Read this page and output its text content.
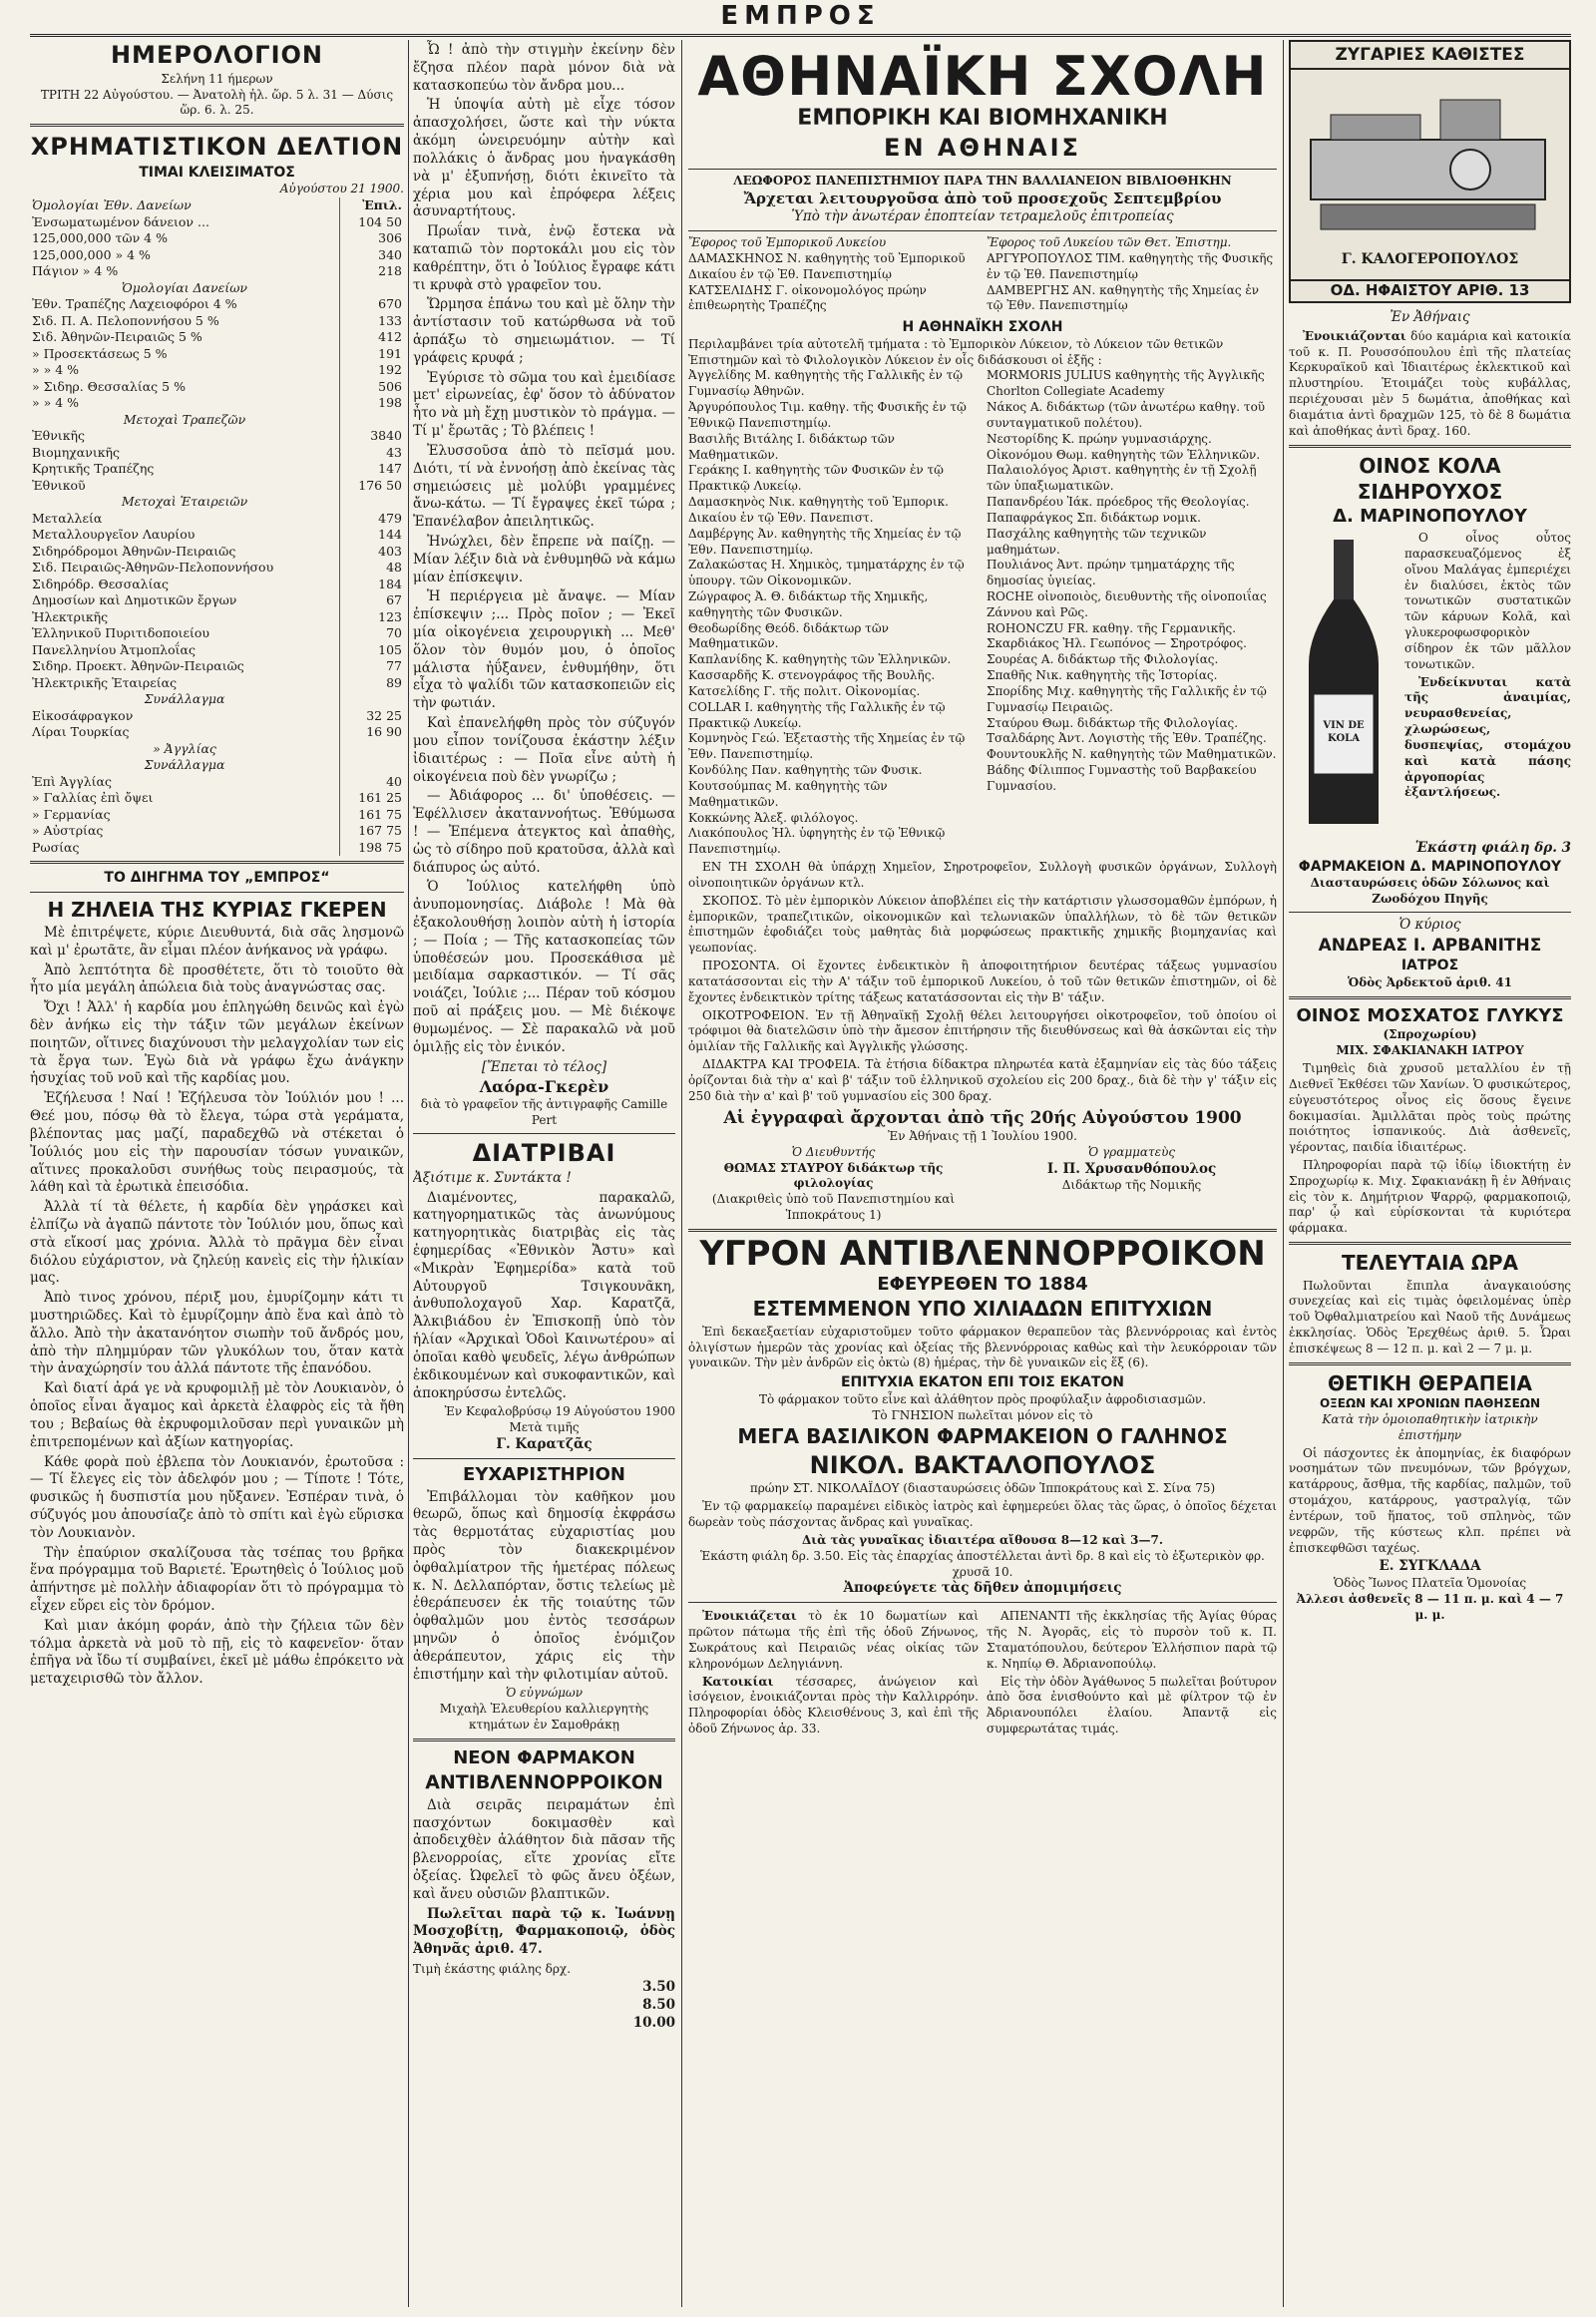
ΕΜΠΡΟΣ
ΗΜΕΡΟΛΟΓΙΟΝ
Σελήνη 11 ήμερων
ΤΡΙΤΗ 22 Αὐγούστου. — Ἀνατολὴ ἡλ. ὥρ. 5 λ. 31 — Δύσις ὥρ. 6. λ. 25.
ΧΡΗΜΑΤΙΣΤΙΚΟΝ ΔΕΛΤΙΟΝ
ΤΙΜΑΙ ΚΛΕΙΣΙΜΑΤΟΣ
Αὐγούστου 21 1900.
Ὁμολογίαι Ἐθν. Δανείων	Ἐπιλ.
Ἐνσωματωμένον δάνειον ...	104 50
125,000,000 τῶν 4 %	306
125,000,000 » 4 %	340
Πάγιον » 4 %	218
Ὁμολογίαι Δανείων	
Ἐθν. Τραπέζης Λαχειοφόροι 4 %	670
Σιδ. Π. Α. Πελοποννήσου 5 %	133
Σιδ. Ἀθηνῶν-Πειραιῶς 5 %	412
» Προσεκτάσεως 5 %	191
» » 4 %	192
» Σιδηρ. Θεσσαλίας 5 %	506
» » 4 %	198
Μετοχαὶ Τραπεζῶν	
Ἐθνικῆς	3840
Βιομηχανικῆς	43
Κρητικῆς Τραπέζης	147
Ἐθνικοῦ	176 50
Μετοχαὶ Ἑταιρειῶν	
Μεταλλεία	479
Μεταλλουργεῖον Λαυρίου	144
Σιδηρόδρομοι Ἀθηνῶν-Πειραιῶς	403
Σιδ. Πειραιῶς-Ἀθηνῶν-Πελοποννήσου	48
Σιδηρόδρ. Θεσσαλίας	184
Δημοσίων καὶ Δημοτικῶν ἔργων	67
Ἠλεκτρικῆς	123
Ἑλληνικοῦ Πυριτιδοποιείου	70
Πανελληνίου Ἀτμοπλοΐας	105
Σιδηρ. Προεκτ. Ἀθηνῶν-Πειραιῶς	77
Ἠλεκτρικῆς Ἑταιρείας	89
Συνάλλαγμα	
Εἰκοσάφραγκον	32 25
Λίραι Τουρκίας	16 90
» Ἀγγλίας	
Συνάλλαγμα	
Ἐπὶ Ἀγγλίας	40
» Γαλλίας ἐπὶ ὄψει	161 25
» Γερμανίας	161 75
» Αὐστρίας	167 75
Ρωσίας	198 75
ΤΟ ΔΙΗΓΗΜΑ ΤΟΥ „ΕΜΠΡΟΣ“
Η ΖΗΛΕΙΑ ΤΗΣ ΚΥΡΙΑΣ ΓΚΕΡΕΝ

Μὲ ἐπιτρέψετε, κύριε Διευθυντά, διὰ σᾶς λησμονῶ καὶ μ' ἐρωτᾶτε, ἂν εἶμαι πλέον ἀνήκανος νὰ γράφω.

Ἀπὸ λεπτότητα δὲ προσθέτετε, ὅτι τὸ τοιοῦτο θὰ ἦτο μία μεγάλη ἀπώλεια διὰ τοὺς ἀναγνώστας σας.

Ὄχι ! Ἀλλ' ἡ καρδία μου ἐπληγώθη δεινῶς καὶ ἐγὼ δὲν ἀνήκω εἰς τὴν τάξιν τῶν μεγάλων ἐκείνων ποιητῶν, οἵτινες διαχύνουσι τὴν μελαγχολίαν των εἰς τὰ ἔργα των. Ἐγὼ διὰ νὰ γράφω ἔχω ἀνάγκην ἡσυχίας τοῦ νοῦ καὶ τῆς καρδίας μου.

Ἐζήλευσα ! Ναί ! Ἐζήλευσα τὸν Ἰούλιόν μου ! ... Θεέ μου, πόσῳ θὰ τὸ ἔλεγα, τώρα στὰ γεράματα, βλέποντας μας μαζί, παραδεχθῶ νὰ στέκεται ὁ Ἰούλιός μου εἰς τὴν παρουσίαν τόσων γυναικῶν, αἵτινες προκαλοῦσι συνήθως τοὺς πειρασμούς, τὰ λάθη καὶ τὰ ἐρωτικὰ ἐπεισόδια.

Ἀλλὰ τί τὰ θέλετε, ἡ καρδία δὲν γηράσκει καὶ ἐλπίζω νὰ ἀγαπῶ πάντοτε τὸν Ἰούλιόν μου, ὅπως καὶ στὰ εἴκοσί μας χρόνια. Ἀλλὰ τὸ πρᾶγμα δὲν εἶναι διόλου εὐχάριστον, νὰ ζηλεύῃ κανεὶς εἰς τὴν ἡλικίαν μας.

Ἀπὸ τινος χρόνου, πέριξ μου, ἐμυρίζομην κάτι τι μυστηριῶδες. Καὶ τὸ ἐμυρίζομην ἀπὸ ἕνα καὶ ἀπὸ τὸ ἄλλο. Ἀπὸ τὴν ἀκατανόητον σιωπὴν τοῦ ἄνδρός μου, ἀπὸ τὴν πλημμύραν τῶν γλυκόλων του, ὅταν κατὰ τὴν ἀναχώρησίν του ἀλλά πάντοτε τῆς ἐπανόδου.

Καὶ διατί ἀρά γε νὰ κρυφομιλῇ μὲ τὸν Λουκιανὸν, ὁ ὁποῖος εἶναι ἄγαμος καὶ ἀρκετὰ ἐλαφρὸς εἰς τὰ ἤθη του ; Βεβαίως θὰ ἐκρυφομιλοῦσαν περὶ γυναικῶν μὴ ἐπιτρεπομένων καὶ ἀξίων κατηγορίας.

Κάθε φορὰ ποὺ ἐβλεπα τὸν Λουκιανόν, ἐρωτοῦσα : — Τί ἔλεγες εἰς τὸν ἀδελφόν μου ; — Τίποτε ! Τότε, φυσικῶς ἡ δυσπιστία μου ηὔξανεν. Ἐσπέραν τινὰ, ὁ σύζυγός μου ἀπουσίαζε ἀπὸ τὸ σπίτι καὶ ἐγὼ εὕρισκα τὸν Λουκιανὸν.

Τὴν ἐπαύριον σκαλίζουσα τὰς τσέπας του βρῆκα ἕνα πρόγραμμα τοῦ Βαριετέ. Ἐρωτηθεὶς ὁ Ἰούλιος μοῦ ἀπήντησε μὲ πολλὴν ἀδιαφορίαν ὅτι τὸ πρόγραμμα τὸ εἶχεν εὕρει εἰς τὸν δρόμον.

Καὶ μιαν ἀκόμη φοράν, ἀπὸ τὴν ζήλεια τῶν δὲν τόλμα ἀρκετὰ νὰ μοῦ τὸ πῇ, εἰς τὸ καφενεῖον· ὅταν ἐπῆγα νὰ ἴδω τί συμβαίνει, ἐκεῖ μὲ μάθω ἐπρόκειτο νὰ μεταχειρισθῶ τὸν ἄλλον.

Ὦ ! ἀπὸ τὴν στιγμὴν ἐκείνην δὲν ἔζησα πλέον παρὰ μόνον διὰ νὰ κατασκοπεύω τὸν ἄνδρα μου...

Ἡ ὑποψία αὐτὴ μὲ εἶχε τόσον ἀπασχολήσει, ὥστε καὶ τὴν νύκτα ἀκόμη ὡνειρευόμην αὐτὴν καὶ πολλάκις ὁ ἄνδρας μου ἠναγκάσθη νὰ μ' ἐξυπνήσῃ, διότι ἐκινεῖτο τὰ χέρια μου καὶ ἐπρόφερα λέξεις ἀσυναρτήτους.

Πρωΐαν τινὰ, ἐνῷ ἔστεκα νὰ καταπιῶ τὸν πορτοκάλι μου εἰς τὸν καθρέπτην, ὅτι ὁ Ἰούλιος ἔγραφε κάτι τι κρυφὰ στὸ γραφεῖον του.

Ὥρμησα ἐπάνω του καὶ μὲ ὅλην τὴν ἀντίστασιν τοῦ κατώρθωσα νὰ τοῦ ἁρπάξω τὸ σημειωμάτιον. — Τί γράφεις κρυφά ;

Ἐγύρισε τὸ σῶμα του καὶ ἐμειδίασε μετ' εἰρωνείας, ἐφ' ὅσον τὸ ἀδύνατον ἦτο νὰ μὴ ἔχῃ μυστικὸν τὸ πράγμα. — Τί μ' ἔρωτᾶς ; Τὸ βλέπεις !

Ἐλυσσοῦσα ἀπὸ τὸ πεῖσμά μου. Διότι, τί νὰ ἐννοήσῃ ἀπὸ ἐκείνας τὰς σημειώσεις μὲ μολύβι γραμμένες ἄνω-κάτω. — Τί ἔγραψες ἐκεῖ τώρα ; Ἐπανέλαβον ἀπειλητικῶς.

Ἠνώχλει, δὲν ἔπρεπε νὰ παίζῃ. — Μίαν λέξιν διὰ νὰ ἐνθυμηθῶ νὰ κάμω μίαν ἐπίσκεψιν.

Ἡ περιέργεια μὲ ἄναψε. — Μίαν ἐπίσκεψιν ;... Πρὸς ποῖον ; — Ἐκεῖ μία οἰκογένεια χειρουργικὴ ... Μεθ' ὅλον τὸν θυμόν μου, ὁ ὁποῖος μάλιστα ἠΰξανεν, ἐνθυμήθην, ὅτι εἶχα τὸ ψαλίδι τῶν κατασκοπειῶν εἰς τὴν φωτιάν.

Καὶ ἐπανελήφθη πρὸς τὸν σύζυγόν μου εἶπον τονίζουσα ἑκάστην λέξιν ἰδιαιτέρως : — Ποῖα εἶνε αὐτὴ ἡ οἰκογένεια ποὺ δὲν γνωρίζω ;

— Ἀδιάφορος ... δι' ὑποθέσεις. — Ἐφέλλισεν ἀκαταννοήτως. Ἐθύμωσα ! — Ἐπέμενα ἀτεγκτος καὶ ἀπαθὴς, ὡς τὸ σίδηρο ποῦ κρατοῦσα, ἀλλὰ καὶ διάπυρος ὡς αὐτό.

Ὁ Ἰούλιος κατελήφθη ὑπὸ ἀνυπομονησίας. Διάβολε ! Μὰ θὰ ἐξακολουθήσῃ λοιπὸν αὐτὴ ἡ ἱστορία ; — Ποία ; — Τῆς κατασκοπείας τῶν ὑποθέσεών μου. Προσεκάθισα μὲ μειδίαμα σαρκαστικόν. — Τί σᾶς νοιάζει, Ἰούλιε ;... Πέραν τοῦ κόσμου ποῦ αἱ πράξεις μου. — Μὲ διέκοψε θυμωμένος. — Σὲ παρακαλῶ νὰ μοῦ ὁμιλῇς εἰς τὸν ἑνικόν.

[Ἔπεται τὸ τέλος]
Λαόρα-Γκερὲν
διὰ τὸ γραφεῖον τῆς ἀντιγραφῆς Camille Pert
ΔΙΑΤΡΙΒΑΙ
Ἀξιότιμε κ. Συντάκτα !

Διαμένοντες, παρακαλῶ, κατηγορηματικῶς τὰς ἀνωνύμους κατηγορητικὰς διατριβὰς εἰς τὰς ἐφημερίδας «Ἐθνικὸν Ἄστυ» καὶ «Μικρὰν Ἐφημερίδα» κατὰ τοῦ Αὐτουργοῦ Τσιγκουνᾶκη, ἀνθυπολοχαγοῦ Χαρ. Καρατζᾶ, Ἀλκιβιάδου ἐν Ἐπισκοπῇ ὑπὸ τὸν ἡλίαν «Ἀρχικαὶ Ὁδοὶ Καινωτέρου» αἱ ὁποῖαι καθὸ ψευδεῖς, λέγω ἀνθρώπων ἐκδικουμένων καὶ συκοφαντικῶν, καὶ ἀποκηρύσσω ἐντελῶς.

Ἐν Κεφαλοβρύσῳ 19 Αὐγούστου 1900
Μετὰ τιμῆς
Γ. Καρατζᾶς
ΕΥΧΑΡΙΣΤΗΡΙΟΝ

Ἐπιβάλλομαι τὸν καθῆκον μου θεωρῶ, ὅπως καὶ δημοσίᾳ ἐκφράσω τὰς θερμοτάτας εὐχαριστίας μου πρὸς τὸν διακεκριμένον ὀφθαλμίατρον τῆς ἡμετέρας πόλεως κ. Ν. Δελλαπόρταν, ὅστις τελείως μὲ ἐθεράπευσεν ἐκ τῆς τοιαύτης τῶν ὀφθαλμῶν μου ἐντὸς τεσσάρων μηνῶν ὁ ὁποῖος ἐνόμιζον ἀθεράπευτον, χάρις εἰς τὴν ἐπιστήμην καὶ τὴν φιλοτιμίαν αὐτοῦ.

Ὁ εὐγνώμων
Μιχαὴλ Ἐλευθερίου καλλιεργητὴς κτημάτων ἐν Σαμοθράκῃ
ΝΕΟΝ ΦΑΡΜΑΚΟΝ
ΑΝΤΙΒΛΕΝΝΟΡΡΟΙΚΟΝ

Διὰ σειρᾶς πειραμάτων ἐπὶ πασχόντων δοκιμασθὲν καὶ ἀποδειχθὲν ἀλάθητον διὰ πᾶσαν τῆς βλενορροίας, εἴτε χρονίας εἴτε ὀξείας. Ὠφελεῖ τὸ φῶς ἄνευ ὀξέων, καὶ ἄνευ οὐσιῶν βλαπτικῶν.

Πωλεῖται παρὰ τῷ κ. Ἰωάννῃ Μοσχοβίτῃ, Φαρμακοποιῷ, ὁδὸς Ἀθηνᾶς ἀριθ. 47.

Τιμὴ ἑκάστης φιάλης δρχ.
3.50
8.50
10.00
ΑΘΗΝΑΪΚΗ ΣΧΟΛΗ
ΕΜΠΟΡΙΚΗ ΚΑΙ ΒΙΟΜΗΧΑΝΙΚΗ
ΕΝ ΑΘΗΝΑΙΣ
ΛΕΩΦΟΡΟΣ ΠΑΝΕΠΙΣΤΗΜΙΟΥ ΠΑΡΑ ΤΗΝ ΒΑΛΛΙΑΝΕΙΟΝ ΒΙΒΛΙΟΘΗΚΗΝ
Ἄρχεται λειτουργοῦσα ἀπὸ τοῦ προσεχοῦς Σεπτεμβρίου
Ὑπὸ τὴν ἀνωτέραν ἐποπτείαν τετραμελοῦς ἐπιτροπείας
Ἔφορος τοῦ Ἐμπορικοῦ Λυκείου
ΔΑΜΑΣΚΗΝΟΣ Ν. καθηγητὴς τοῦ Ἐμπορικοῦ Δικαίου ἐν τῷ Ἐθ. Πανεπιστημίῳ
ΚΑΤΣΕΛΙΔΗΣ Γ. οἰκονομολόγος πρώην ἐπιθεωρητὴς Τραπέζης
Ἔφορος τοῦ Λυκείου τῶν Θετ. Ἐπιστημ.
ΑΡΓΥΡΟΠΟΥΛΟΣ ΤΙΜ. καθηγητὴς τῆς Φυσικῆς ἐν τῷ Ἐθ. Πανεπιστημίῳ
ΔΑΜΒΕΡΓΗΣ ΑΝ. καθηγητὴς τῆς Χημείας ἐν τῷ Ἐθν. Πανεπιστημίῳ
Η ΑΘΗΝΑΪΚΗ ΣΧΟΛΗ
Περιλαμβάνει τρία αὐτοτελῆ τμήματα : τὸ Ἐμπορικὸν Λύκειον, τὸ Λύκειον τῶν θετικῶν Ἐπιστημῶν καὶ τὸ Φιλολογικὸν Λύκειον ἐν οἷς διδάσκουσι οἱ ἑξῆς :
Ἀγγελίδης Μ. καθηγητὴς τῆς Γαλλικῆς ἐν τῷ Γυμνασίῳ Ἀθηνῶν.
Ἀργυρόπουλος Τιμ. καθηγ. τῆς Φυσικῆς ἐν τῷ Ἐθνικῷ Πανεπιστημίῳ.
Βασιλῆς Βιτάλης Ι. διδάκτωρ τῶν Μαθηματικῶν.
Γεράκης Ι. καθηγητὴς τῶν Φυσικῶν ἐν τῷ Πρακτικῷ Λυκείῳ.
Δαμασκηνὸς Νικ. καθηγητὴς τοῦ Ἐμπορικ. Δικαίου ἐν τῷ Ἐθν. Πανεπιστ.
Δαμβέργης Ἀν. καθηγητὴς τῆς Χημείας ἐν τῷ Ἐθν. Πανεπιστημίῳ.
Ζαλακώστας Η. Χημικὸς, τμηματάρχης ἐν τῷ ὑπουργ. τῶν Οἰκονομικῶν.
Ζώγραφος Ἀ. Θ. διδάκτωρ τῆς Χημικῆς, καθηγητὴς τῶν Φυσικῶν.
Θεοδωρίδης Θεόδ. διδάκτωρ τῶν Μαθηματικῶν.
Καπλανίδης Κ. καθηγητὴς τῶν Ἑλληνικῶν.
Κασσαρδῆς Κ. στενογράφος τῆς Βουλῆς.
Κατσελίδης Γ. τῆς πολιτ. Οἰκονομίας.
COLLAR I. καθηγητὴς τῆς Γαλλικῆς ἐν τῷ Πρακτικῷ Λυκείῳ.
Κομνηνὸς Γεώ. Ἐξεταστὴς τῆς Χημείας ἐν τῷ Ἐθν. Πανεπιστημίῳ.
Κονδύλης Παν. καθηγητὴς τῶν Φυσικ.
Κουτσούμπας Μ. καθηγητὴς τῶν Μαθηματικῶν.
Κοκκώνης Ἀλεξ. φιλόλογος.
Λιακόπουλος Ἠλ. ὑφηγητὴς ἐν τῷ Ἐθνικῷ Πανεπιστημίῳ.
MORMORIS JULIUS καθηγητὴς τῆς Ἀγγλικῆς Chorlton Collegiate Academy
Νάκος Α. διδάκτωρ (τῶν ἀνωτέρω καθηγ. τοῦ συνταγματικοῦ πολέτου).
Νεστορίδης Κ. πρώην γυμνασιάρχης.
Οἰκονόμου Θωμ. καθηγητὴς τῶν Ἑλληνικῶν.
Παλαιολόγος Ἀριστ. καθηγητὴς ἐν τῇ Σχολῇ τῶν ὑπαξιωματικῶν.
Παπανδρέου Ἰάκ. πρόεδρος τῆς Θεολογίας.
Παπαφράγκος Σπ. διδάκτωρ νομικ.
Πασχάλης καθηγητὴς τῶν τεχνικῶν μαθημάτων.
Πουλιάνος Ἀντ. πρώην τμηματάρχης τῆς δημοσίας ὑγιείας.
ROCHE οἰνοποιὸς, διευθυντὴς τῆς οἰνοποιΐας Ζάννου καὶ Ρῶς.
ROHONCZU FR. καθηγ. τῆς Γερμανικῆς.
Σκαρδιάκος Ἠλ. Γεωπόνος — Σηροτρόφος.
Σουρέας Α. διδάκτωρ τῆς Φιλολογίας.
Σπαθῆς Νικ. καθηγητὴς τῆς Ἱστορίας.
Σπορίδης Μιχ. καθηγητὴς τῆς Γαλλικῆς ἐν τῷ Γυμνασίῳ Πειραιῶς.
Σταύρου Θωμ. διδάκτωρ τῆς Φιλολογίας.
Τσαλδάρης Ἀντ. Λογιστὴς τῆς Ἐθν. Τραπέζης.
Φουντουκλῆς Ν. καθηγητὴς τῶν Μαθηματικῶν.
Βάδης Φίλιππος Γυμναστὴς τοῦ Βαρβακείου Γυμνασίου.

ΕΝ ΤΗ ΣΧΟΛΗ θὰ ὑπάρχῃ Χημεῖον, Σηροτροφεῖον, Συλλογὴ φυσικῶν ὀργάνων, Συλλογὴ οἰνοποιητικῶν ὀργάνων κτλ.

ΣΚΟΠΟΣ. Τὸ μὲν ἐμπορικὸν Λύκειον ἀποβλέπει εἰς τὴν κατάρτισιν γλωσσομαθῶν ἐμπόρων, ἡ ἐμπορικῶν, τραπεζιτικῶν, οἰκονομικῶν καὶ τελωνιακῶν ὑπαλλήλων, τὸ δὲ τῶν θετικῶν ἐπιστημῶν ἐφοδιάζει τοὺς μαθητὰς διὰ μορφώσεως πρακτικῆς χημικῆς βιομηχανίας καὶ γεωπονίας.

ΠΡΟΣΟΝΤΑ. Οἱ ἔχοντες ἐνδεικτικὸν ἢ ἀποφοιτητήριον δευτέρας τάξεως γυμνασίου κατατάσσονται εἰς τὴν Α' τάξιν τοῦ ἐμπορικοῦ Λυκείου, ὁ τοῦ τῶν θετικῶν ἐπιστημῶν, οἱ δὲ ἔχοντες ἐνδεικτικὸν τρίτης τάξεως κατατάσσονται εἰς τὴν Β' τάξιν.

ΟΙΚΟΤΡΟΦΕΙΟΝ. Ἐν τῇ Ἀθηναϊκῇ Σχολῇ θέλει λειτουργήσει οἰκοτροφεῖον, τοῦ ὁποίου οἱ τρόφιμοι θὰ διατελῶσιν ὑπὸ τὴν ἄμεσον ἐπιτήρησιν τῆς διευθύνσεως καὶ θὰ ἀσκῶνται εἰς τὴν ὁμιλίαν τῆς Γαλλικῆς καὶ Ἀγγλικῆς γλώσσης.

ΔΙΔΑΚΤΡΑ ΚΑΙ ΤΡΟΦΕΙΑ. Τὰ ἐτήσια δίδακτρα πληρωτέα κατὰ ἐξαμηνίαν εἰς τὰς δύο τάξεις ὁρίζονται διὰ τὴν α' καὶ β' τάξιν τοῦ ἑλληνικοῦ σχολείου εἰς 200 δραχ., διὰ δὲ τὴν γ' τάξιν εἰς 250 διὰ τὴν α' καὶ β' τοῦ γυμνασίου εἰς 300 δραχ.

Αἱ ἐγγραφαὶ ἄρχονται ἀπὸ τῆς 20ής Αὐγούστου 1900
Ἐν Ἀθήναις τῇ 1 Ἰουλίου 1900.
Ὁ Διευθυντής
ΘΩΜΑΣ ΣΤΑΥΡΟΥ διδάκτωρ τῆς φιλολογίας
(Διακριθεὶς ὑπὸ τοῦ Πανεπιστημίου καὶ Ἱπποκράτους 1)
Ὁ γραμματεὺς
Ι. Π. Χρυσανθόπουλος
Διδάκτωρ τῆς Νομικῆς
ΥΓΡΟΝ ΑΝΤΙΒΛΕΝΝΟΡΡΟΙΚΟΝ
ΕΦΕΥΡΕΘΕΝ ΤΟ 1884
ΕΣΤΕΜΜΕΝΟΝ ΥΠΟ ΧΙΛΙΑΔΩΝ ΕΠΙΤΥΧΙΩΝ

Ἐπὶ δεκαεξαετίαν εὐχαριστοῦμεν τοῦτο φάρμακον θεραπεῦον τὰς βλεννόρροιας καὶ ἐντὸς ὀλιγίστων ἡμερῶν τὰς χρονίας καὶ ὀξείας τῆς βλεννόρροιας καθὼς καὶ τὴν λευκόρροιαν τῶν γυναικῶν. Τὴν μὲν ἀνδρῶν εἰς ὀκτὼ (8) ἡμέρας, τὴν δὲ γυναικῶν εἰς ἕξ (6).

ΕΠΙΤΥΧΙΑ ΕΚΑΤΟΝ ΕΠΙ ΤΟΙΣ ΕΚΑΤΟΝ
Τὸ φάρμακον τοῦτο εἶνε καὶ ἀλάθητον πρὸς προφύλαξιν ἀφροδισιασμῶν.
Τὸ ΓΝΗΣΙΟΝ πωλεῖται μόνον εἰς τὸ
ΜΕΓΑ ΒΑΣΙΛΙΚΟΝ ΦΑΡΜΑΚΕΙΟΝ Ο ΓΑΛΗΝΟΣ
ΝΙΚΟΛ. ΒΑΚΤΑΛΟΠΟΥΛΟΣ
πρώην ΣΤ. ΝΙΚΟΛΑΪΔΟΥ (διασταυρώσεις ὁδῶν Ἱπποκράτους καὶ Σ. Σίνα 75)

Ἐν τῷ φαρμακείῳ παραμένει εἰδικὸς ἰατρὸς καὶ ἐφημερεύει ὅλας τὰς ὥρας, ὁ ὁποῖος δέχεται δωρεὰν τοὺς πάσχοντας ἄνδρας καὶ γυναῖκας.

Διὰ τὰς γυναῖκας ἰδιαιτέρα αἴθουσα 8—12 καὶ 3—7.
Ἑκάστη φιάλη δρ. 3.50. Εἰς τὰς ἐπαρχίας ἀποστέλλεται ἀντὶ δρ. 8 καὶ εἰς τὸ ἐξωτερικὸν φρ. χρυσᾶ 10.
Ἀποφεύγετε τὰς δῆθεν ἀπομιμήσεις

Ἐνοικιάζεται τὸ ἐκ 10 δωματίων καὶ πρῶτον πάτωμα τῆς ἐπὶ τῆς ὁδοῦ Ζήνωνος, Σωκράτους καὶ Πειραιῶς νέας οἰκίας τῶν κληρονόμων Δεληγιάννη.

Κατοικίαι τέσσαρες, ἀνώγειον καὶ ἰσόγειον, ἐνοικιάζονται πρὸς τὴν Καλλιρρόην. Πληροφορίαι ὁδὸς Κλεισθένους 3, καὶ ἐπὶ τῆς ὁδοῦ Ζήνωνος ἀρ. 33.

ΑΠΕΝΑΝΤΙ τῆς ἐκκλησίας τῆς Ἁγίας θύρας τῆς Ν. Ἀγορᾶς, εἰς τὸ πυρσὸν τοῦ κ. Π. Σταματόπουλου, δεύτερον Ἑλλήσπιον παρὰ τῷ κ. Νηπίῳ Θ. Ἀδριανοπούλῳ.

Εἰς τὴν ὁδὸν Ἀγάθωνος 5 πωλεῖται βούτυρον ἀπὸ ὅσα ἐνισθούντο καὶ μὲ φίλτρον τῷ ἐν Ἀδριανουπόλει ἐλαίου. Ἀπαντᾷ εἰς συμφερωτάτας τιμάς.

ΖΥΓΑΡΙΕΣ ΚΑΘΙΣΤΕΣ
Γ. ΚΑΛΟΓΕΡΟΠΟΥΛΟΣ
ΟΔ. ΗΦΑΙΣΤΟΥ ΑΡΙΘ. 13
Ἐν Ἀθήναις

Ἐνοικιάζονται δύο καμάρια καὶ κατοικία τοῦ κ. Π. Ρουσσόπουλου ἐπὶ τῆς πλατείας Κερκυραϊκοῦ καὶ Ἰδιαιτέρως ἐκλεκτικοῦ καὶ πλυστηρίου. Ἑτοιμάζει τοὺς κυβάλλας, περιέχουσαι μὲν 5 δωμάτια, ἀποθήκας καὶ διαμάτια ἀντὶ δραχμῶν 125, τὸ δὲ 8 δωμάτια καὶ ἀποθήκας ἀντὶ δραχ. 160.

ΟΙΝΟΣ ΚΟΛΑ ΣΙΔΗΡΟΥΧΟΣ
Δ. ΜΑΡΙΝΟΠΟΥΛΟΥ
VIN DE KOLA

Ο οἶνος οὗτος παρασκευαζόμενος ἐξ οἴνου Μαλάγας ἐμπεριέχει ἐν διαλύσει, ἐκτὸς τῶν τονωτικῶν συστατικῶν τῶν κάρυων Κολᾶ, καὶ γλυκεροφωσφορικὸν σίδηρον ἐκ τῶν μᾶλλον τονωτικῶν.

Ἐνδείκνυται κατὰ τῆς ἀναιμίας, νευρασθενείας, χλωρώσεως, δυσπεψίας, στομάχου καὶ κατὰ πάσης ἀργοπορίας ἐξαντλήσεως.

Ἑκάστη φιάλη δρ. 3
ΦΑΡΜΑΚΕΙΟΝ Δ. ΜΑΡΙΝΟΠΟΥΛΟΥ
Διασταυρώσεις ὁδῶν Σόλωνος καὶ Ζωοδόχου Πηγῆς
Ὁ κύριος
ΑΝΔΡΕΑΣ Ι. ΑΡΒΑΝΙΤΗΣ
ΙΑΤΡΟΣ
Ὁδὸς Ἀρδεκτοῦ ἀριθ. 41
ΟΙΝΟΣ ΜΟΣΧΑΤΟΣ ΓΛΥΚΥΣ
(Σπροχωρίου)
ΜΙΧ. ΣΦΑΚΙΑΝΑΚΗ ΙΑΤΡΟΥ

Τιμηθεὶς διὰ χρυσοῦ μεταλλίου ἐν τῇ Διεθνεῖ Ἐκθέσει τῶν Χανίων. Ὁ φυσικώτερος, εὐγευστότερος οἶνος εἰς ὅσους ἔγεινε δοκιμασίαι. Ἁμιλλᾶται πρὸς τοὺς πρώτης ποιότητος ἱσπανικούς. Διὰ ἀσθενεῖς, γέροντας, παιδία ἰδιαιτέρως.

Πληροφορίαι παρὰ τῷ ἰδίῳ ἰδιοκτήτῃ ἐν Σπροχωρίῳ κ. Μιχ. Σφακιανάκῃ ἢ ἐν Ἀθήναις εἰς τὸν κ. Δημήτριον Ψαρρῷ, φαρμακοποιῷ, παρ' ᾧ καὶ εὑρίσκονται τὰ κυριότερα φάρμακα.

ΤΕΛΕΥΤΑΙΑ ΩΡΑ

Πωλοῦνται ἔπιπλα ἀναγκαιούσης συνεχείας καὶ εἰς τιμὰς ὀφειλομένας ὑπὲρ τοῦ Ὀφθαλμιατρείου καὶ Ναοῦ τῆς Δυνάμεως ἐκκλησίας. Ὁδὸς Ἐρεχθέως ἀριθ. 5. Ὧραι ἐπισκέψεως 8 — 12 π. μ. καὶ 2 — 7 μ. μ.

ΘΕΤΙΚΗ ΘΕΡΑΠΕΙΑ
ΟΞΕΩΝ ΚΑΙ ΧΡΟΝΙΩΝ ΠΑΘΗΣΕΩΝ
Κατὰ τὴν ὁμοιοπαθητικὴν ἰατρικὴν ἐπιστήμην

Οἱ πάσχοντες ἐκ ἀπομηνίας, ἐκ διαφόρων νοσημάτων τῶν πνευμόνων, τῶν βρόγχων, κατάρρους, ἄσθμα, τῆς καρδίας, παλμῶν, τοῦ στομάχου, κατάρρους, γαστραλγίᾳ, τῶν ἐντέρων, τοῦ ἥπατος, τοῦ σπληνὸς, τῶν νεφρῶν, τῆς κύστεως κλπ. πρέπει νὰ ἐπισκεφθῶσι ταχέως.

Ε. ΣΥΓΚΛΑΔΑ
Ὁδὸς Ἴωνος Πλατεῖα Ὁμονοίας
Ἀλλεσι ἀσθενεῖς 8 — 11 π. μ. καὶ 4 — 7 μ. μ.
